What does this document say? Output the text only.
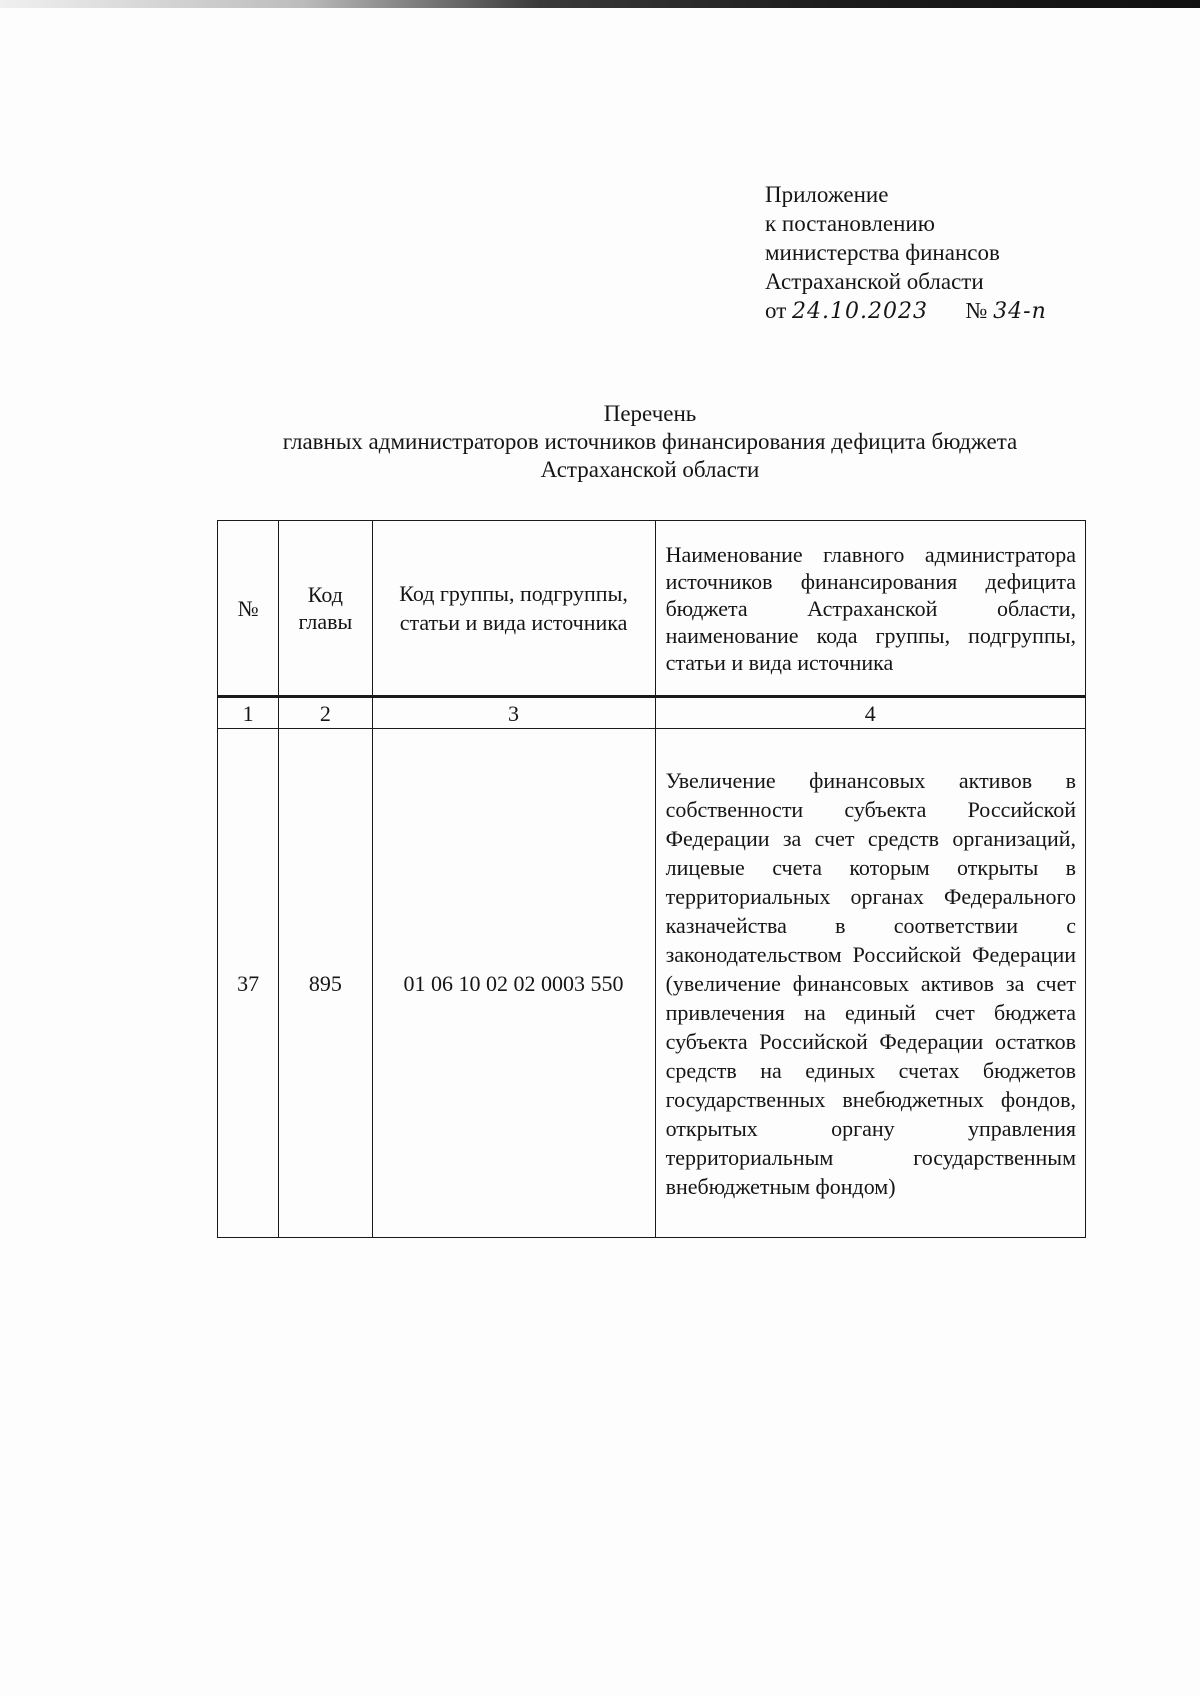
Приложение
к постановлению
министерства финансов
Астраханской области
от 24.10.2023 № 34-п
Перечень
главных администраторов источников финансирования дефицита бюджета
Астраханской области
№	Код главы	Код группы, подгруппы, статьи и вида источника	Наименование главного администратора источников финансирования дефицита бюджета Астраханской области, наименование кода группы, подгруппы, статьи и вида источника
1	2	3	4
37	895	01 06 10 02 02 0003 550	Увеличение финансовых активов в собственности субъекта Российской Федерации за счет средств организаций, лицевые счета которым открыты в территориальных органах Федерального казначейства в соответствии с законодательством Российской Федерации (увеличение финансовых активов за счет привлечения на единый счет бюджета субъекта Российской Федерации остатков средств на единых счетах бюджетов государственных внебюджетных фондов, открытых органу управления территориальным государственным внебюджетным фондом)
